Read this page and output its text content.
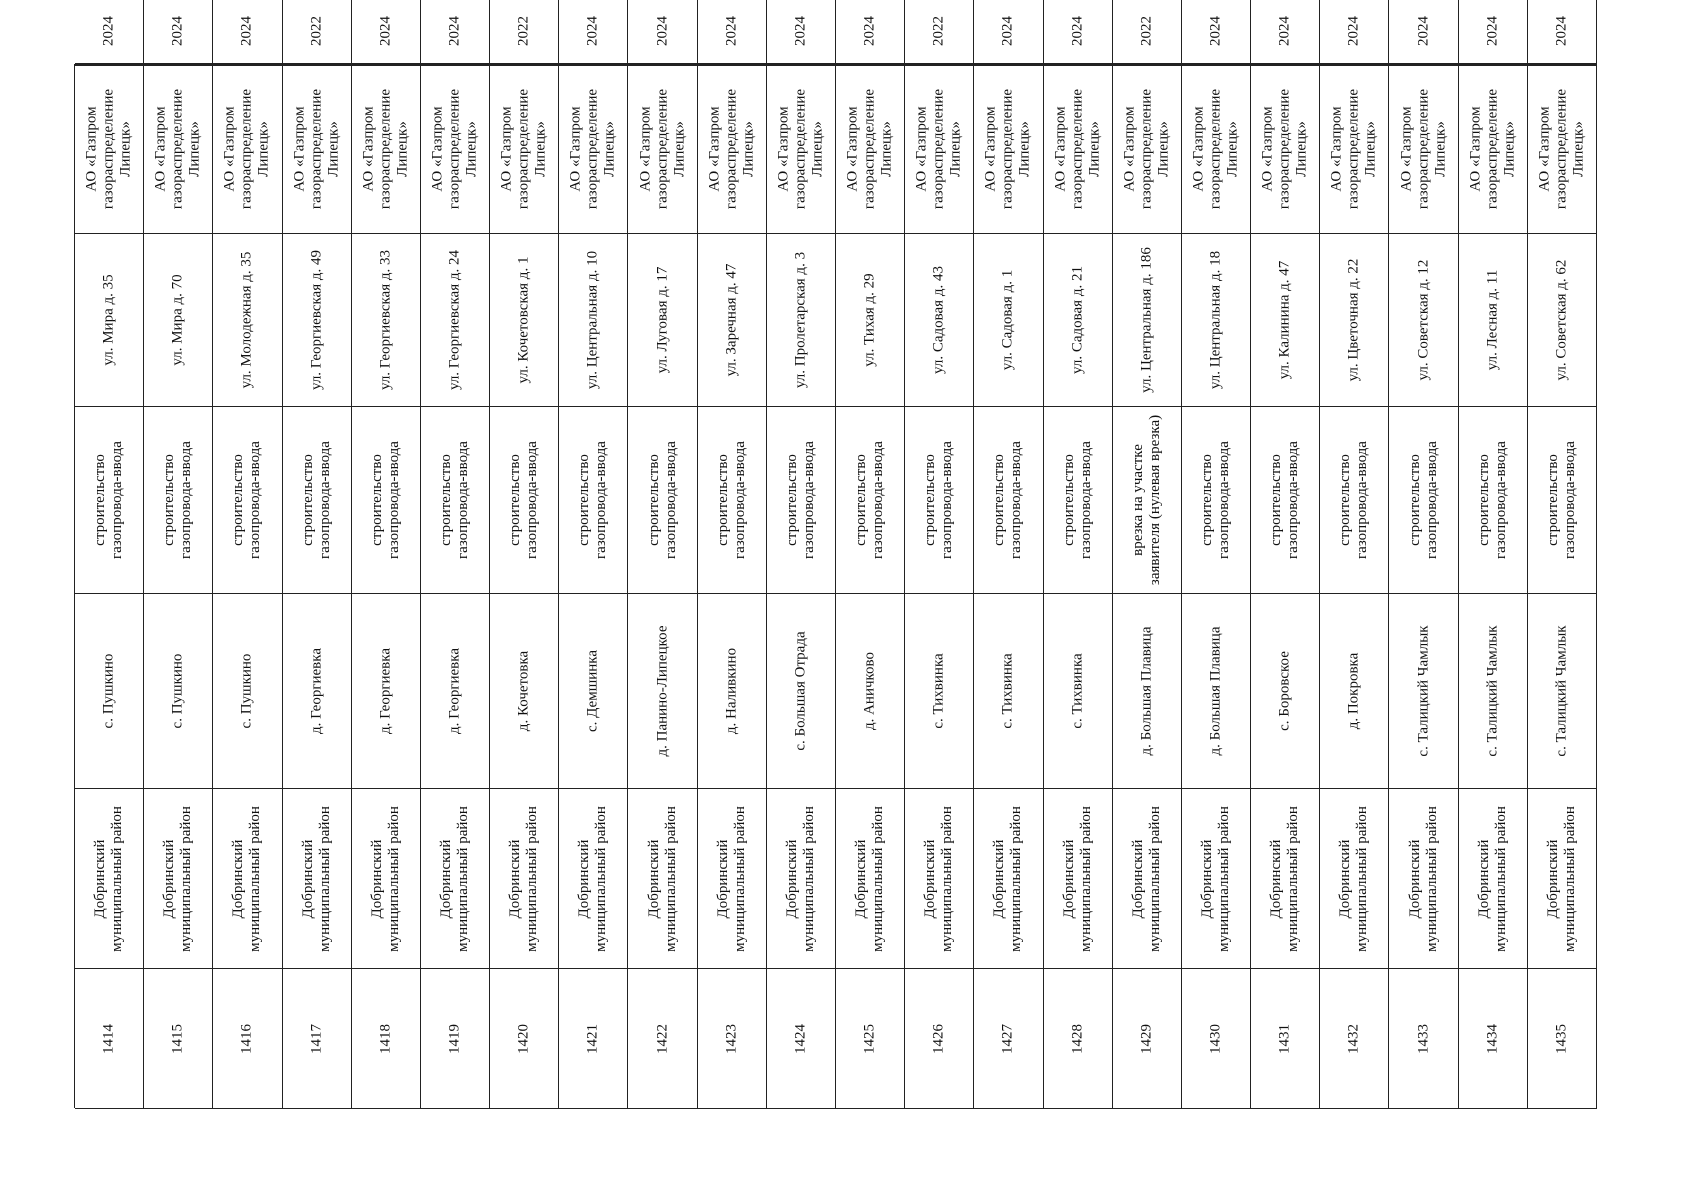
1414
Добринский муниципальный район
с. Пушкино
строительство газопровода-ввода
ул. Мира д. 35
АО «Газпром газораспределение Липецк»
2024
1415
Добринский муниципальный район
с. Пушкино
строительство газопровода-ввода
ул. Мира д. 70
АО «Газпром газораспределение Липецк»
2024
1416
Добринский муниципальный район
с. Пушкино
строительство газопровода-ввода
ул. Молодежная д. 35
АО «Газпром газораспределение Липецк»
2024
1417
Добринский муниципальный район
д. Георгиевка
строительство газопровода-ввода
ул. Георгиевская д. 49
АО «Газпром газораспределение Липецк»
2022
1418
Добринский муниципальный район
д. Георгиевка
строительство газопровода-ввода
ул. Георгиевская д. 33
АО «Газпром газораспределение Липецк»
2024
1419
Добринский муниципальный район
д. Георгиевка
строительство газопровода-ввода
ул. Георгиевская д. 24
АО «Газпром газораспределение Липецк»
2024
1420
Добринский муниципальный район
д. Кочетовка
строительство газопровода-ввода
ул. Кочетовская д. 1
АО «Газпром газораспределение Липецк»
2022
1421
Добринский муниципальный район
с. Демшинка
строительство газопровода-ввода
ул. Центральная д. 10
АО «Газпром газораспределение Липецк»
2024
1422
Добринский муниципальный район
д. Панино-Липецкое
строительство газопровода-ввода
ул. Луговая д. 17
АО «Газпром газораспределение Липецк»
2024
1423
Добринский муниципальный район
д. Наливкино
строительство газопровода-ввода
ул. Заречная д. 47
АО «Газпром газораспределение Липецк»
2024
1424
Добринский муниципальный район
с. Большая Отрада
строительство газопровода-ввода
ул. Пролетарская д. 3
АО «Газпром газораспределение Липецк»
2024
1425
Добринский муниципальный район
д. Аничково
строительство газопровода-ввода
ул. Тихая д. 29
АО «Газпром газораспределение Липецк»
2024
1426
Добринский муниципальный район
с. Тихвинка
строительство газопровода-ввода
ул. Садовая д. 43
АО «Газпром газораспределение Липецк»
2022
1427
Добринский муниципальный район
с. Тихвинка
строительство газопровода-ввода
ул. Садовая д. 1
АО «Газпром газораспределение Липецк»
2024
1428
Добринский муниципальный район
с. Тихвинка
строительство газопровода-ввода
ул. Садовая д. 21
АО «Газпром газораспределение Липецк»
2024
1429
Добринский муниципальный район
д. Большая Плавица
врезка на участке заявителя (нулевая врезка)
ул. Центральная д. 186
АО «Газпром газораспределение Липецк»
2022
1430
Добринский муниципальный район
д. Большая Плавица
строительство газопровода-ввода
ул. Центральная д. 18
АО «Газпром газораспределение Липецк»
2024
1431
Добринский муниципальный район
с. Боровское
строительство газопровода-ввода
ул. Калинина д. 47
АО «Газпром газораспределение Липецк»
2024
1432
Добринский муниципальный район
д. Покровка
строительство газопровода-ввода
ул. Цветочная д. 22
АО «Газпром газораспределение Липецк»
2024
1433
Добринский муниципальный район
с. Талицкий Чамлык
строительство газопровода-ввода
ул. Советская д. 12
АО «Газпром газораспределение Липецк»
2024
1434
Добринский муниципальный район
с. Талицкий Чамлык
строительство газопровода-ввода
ул. Лесная д. 11
АО «Газпром газораспределение Липецк»
2024
1435
Добринский муниципальный район
с. Талицкий Чамлык
строительство газопровода-ввода
ул. Советская д. 62
АО «Газпром газораспределение Липецк»
2024
